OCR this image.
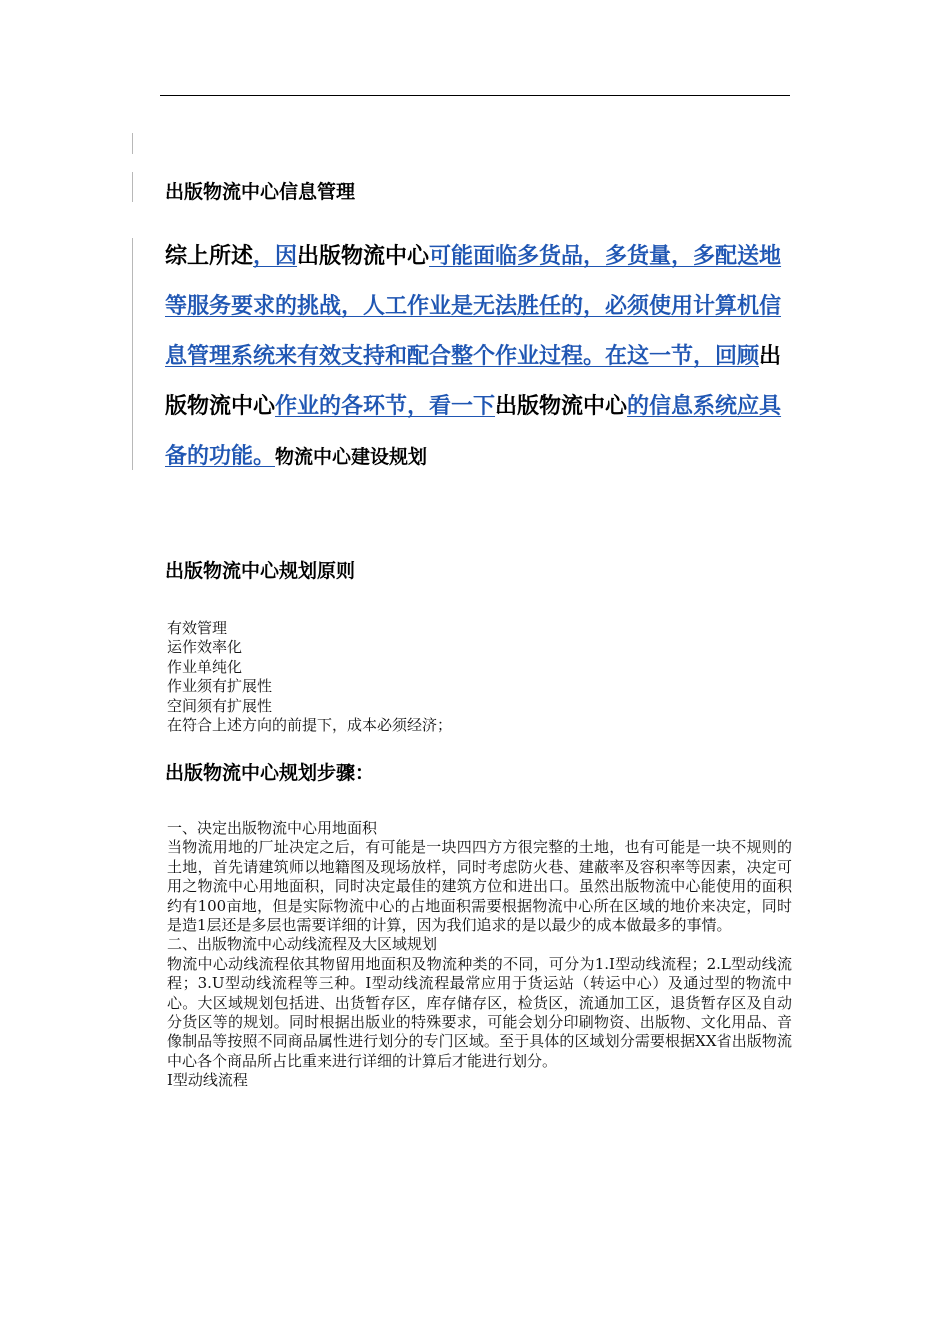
出版物流中心信息管理

综上所述，因出版物流中心可能面临多货品，多货量，多配送地等服务要求的挑战，人工作业是无法胜任的，必须使用计算机信息管理系统来有效支持和配合整个作业过程。在这一节，回顾出版物流中心作业的各环节，看一下出版物流中心的信息系统应具备的功能。物流中心建设规划

出版物流中心规划原则
有效管理
运作效率化
作业单纯化
作业须有扩展性
空间须有扩展性
在符合上述方向的前提下，成本必须经济；
出版物流中心规划步骤：

一、决定出版物流中心用地面积

当物流用地的厂址决定之后，有可能是一块四四方方很完整的土地，也有可能是一块不规则的土地，首先请建筑师以地籍图及现场放样，同时考虑防火巷、建蔽率及容积率等因素，决定可用之物流中心用地面积，同时决定最佳的建筑方位和进出口。虽然出版物流中心能使用的面积约有100亩地，但是实际物流中心的占地面积需要根据物流中心所在区域的地价来决定，同时是造1层还是多层也需要详细的计算，因为我们追求的是以最少的成本做最多的事情。

二、出版物流中心动线流程及大区域规划

物流中心动线流程依其物留用地面积及物流种类的不同，可分为1.I型动线流程；2.L型动线流程；3.U型动线流程等三种。I型动线流程最常应用于货运站（转运中心）及通过型的物流中心。大区域规划包括进、出货暂存区，库存储存区，检货区，流通加工区，退货暂存区及自动分货区等的规划。同时根据出版业的特殊要求，可能会划分印刷物资、出版物、文化用品、音像制品等按照不同商品属性进行划分的专门区域。至于具体的区域划分需要根据XX省出版物流中心各个商品所占比重来进行详细的计算后才能进行划分。

I型动线流程
